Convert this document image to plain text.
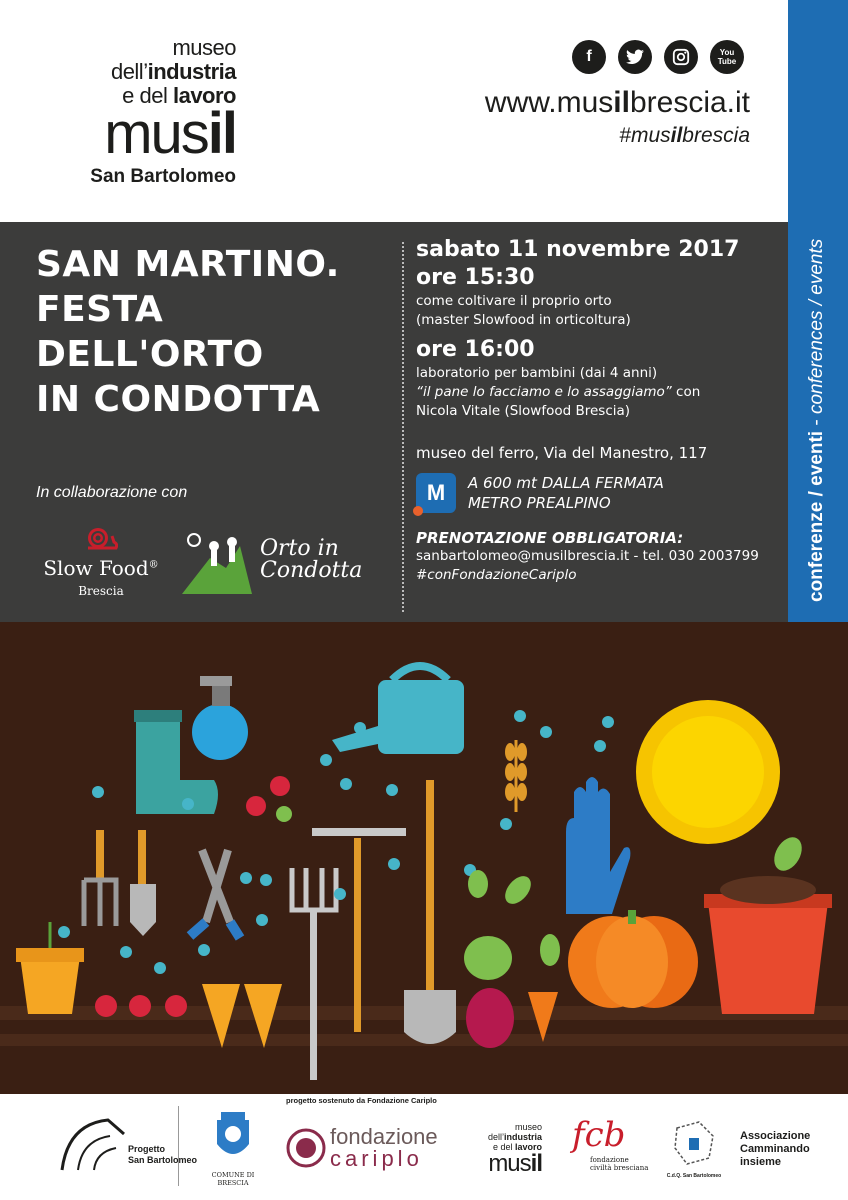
museo
dell’industria
e del lavoro
musil
San Bartolomeo
f	You Tube
www.musilbrescia.it
#musilbrescia
conferenze / eventi - conferences / events
SAN MARTINO.
FESTA DELL'ORTO
IN CONDOTTA
sabato 11 novembre 2017
ore 15:30
come coltivare il proprio orto
(master Slowfood in orticoltura)
ore 16:00
laboratorio per bambini (dai 4 anni)
“il pane lo facciamo e lo assaggiamo” con
Nicola Vitale (Slowfood Brescia)
museo del ferro, Via del Manestro, 117
M	A 600 mt DALLA FERMATA
METRO PREALPINO
PRENOTAZIONE OBBLIGATORIA:
sanbartolomeo@musilbrescia.it - tel. 030 2003799
#conFondazioneCariplo
In collaborazione con
Slow Food®
Brescia
Orto in
Condotta
progetto sostenuto da Fondazione Cariplo
Progetto
San Bartolomeo
COMUNE DI BRESCIA
fondazione
cariplo
museo
dell’industria
e del lavoro
musil
fcb
fondazione
civiltà bresciana
C.d.Q. San Bartolomeo
Associazione
Camminando
insieme
